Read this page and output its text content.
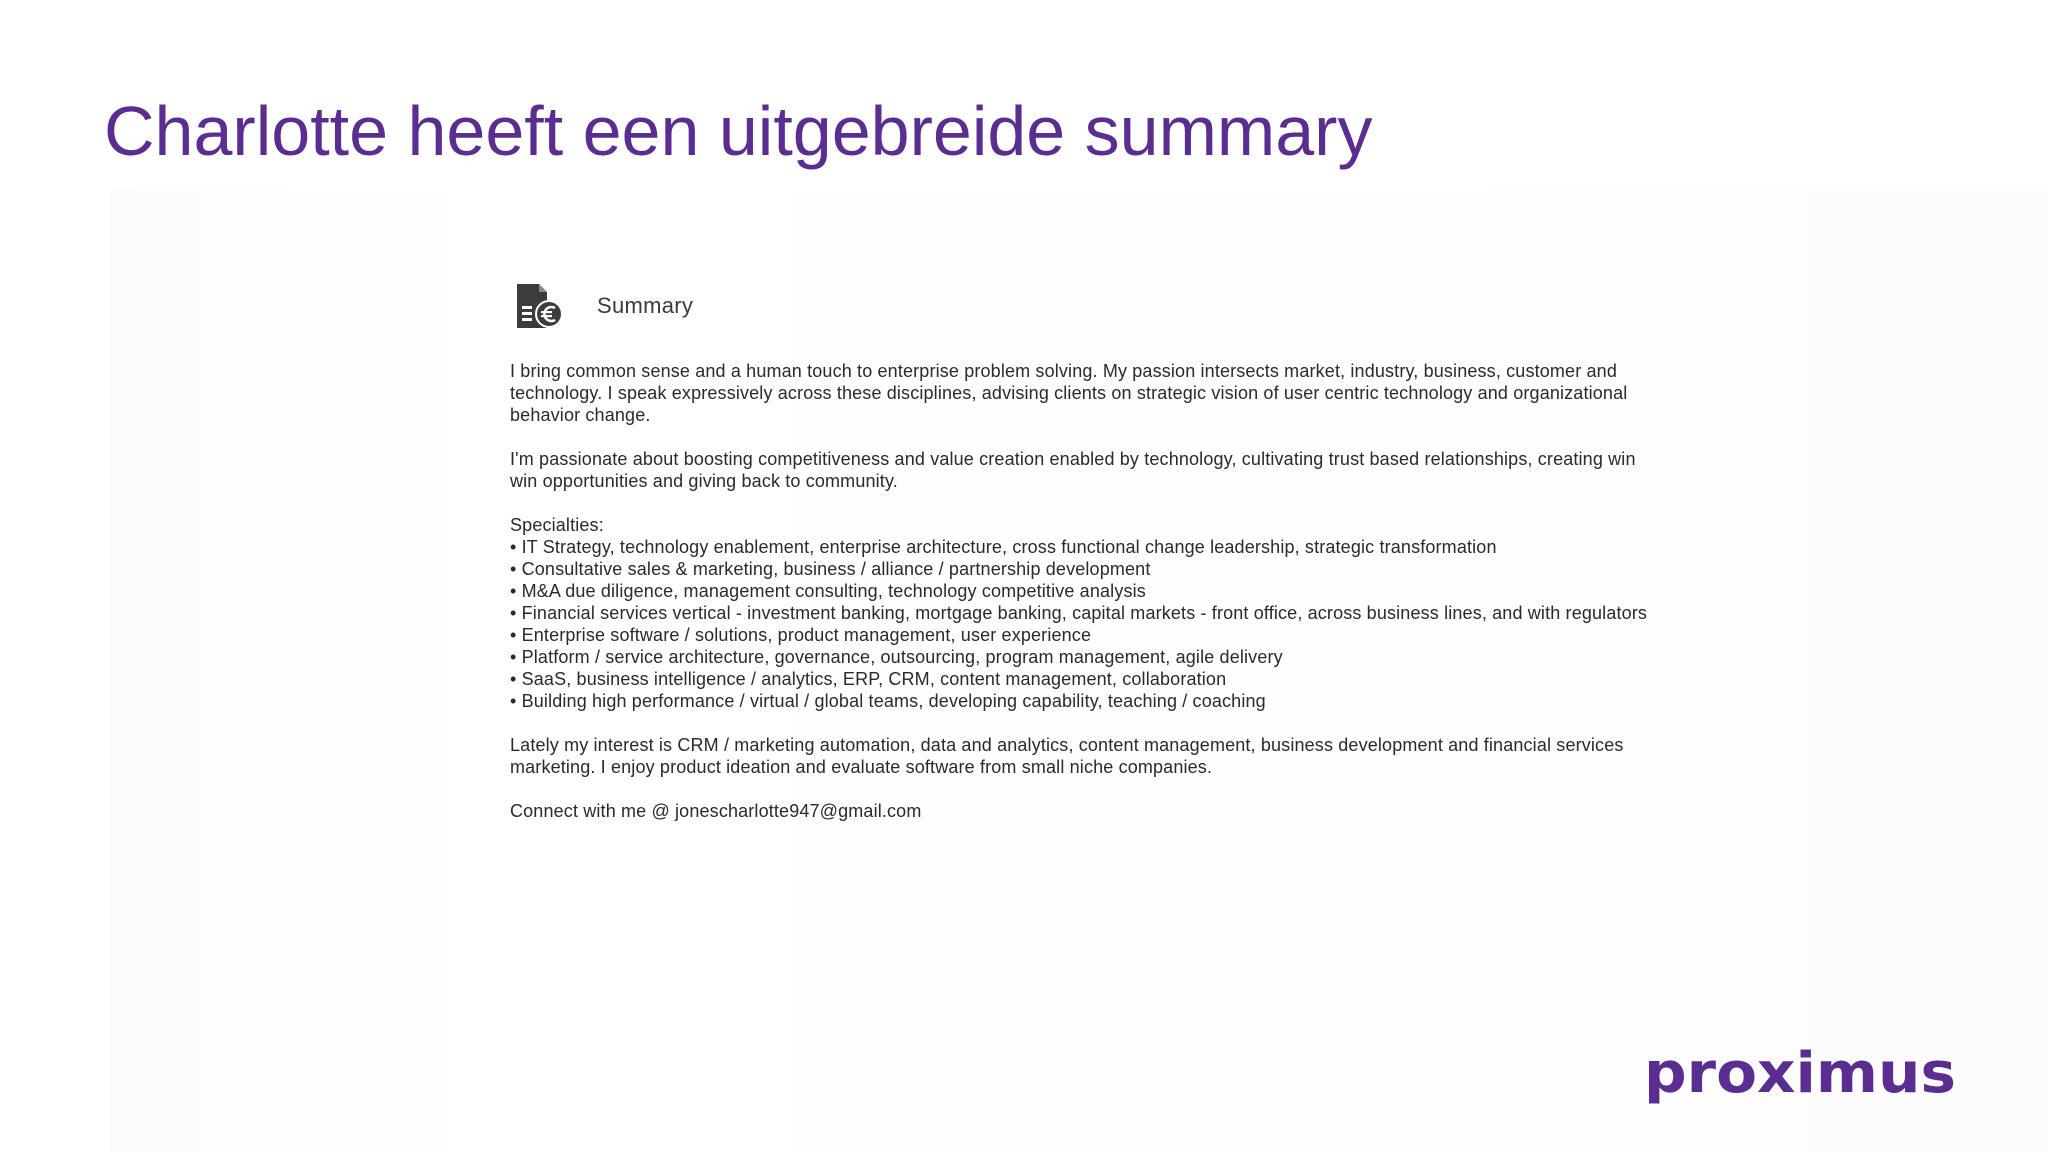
Charlotte heeft een uitgebreide summary
Summary

I bring common sense and a human touch to enterprise problem solving. My passion intersects market, industry, business, customer and technology. I speak expressively across these disciplines, advising clients on strategic vision of user centric technology and organizational behavior change.

I'm passionate about boosting competitiveness and value creation enabled by technology, cultivating trust based relationships, creating win win opportunities and giving back to community.

Specialties:
• IT Strategy, technology enablement, enterprise architecture, cross functional change leadership, strategic transformation
• Consultative sales & marketing, business / alliance / partnership development
• M&A due diligence, management consulting, technology competitive analysis
• Financial services vertical - investment banking, mortgage banking, capital markets - front office, across business lines, and with regulators
• Enterprise software / solutions, product management, user experience
• Platform / service architecture, governance, outsourcing, program management, agile delivery
• SaaS, business intelligence / analytics, ERP, CRM, content management, collaboration
• Building high performance / virtual / global teams, developing capability, teaching / coaching

Lately my interest is CRM / marketing automation, data and analytics, content management, business development and financial services marketing. I enjoy product ideation and evaluate software from small niche companies.

Connect with me @ jonescharlotte947@gmail.com

proximus
